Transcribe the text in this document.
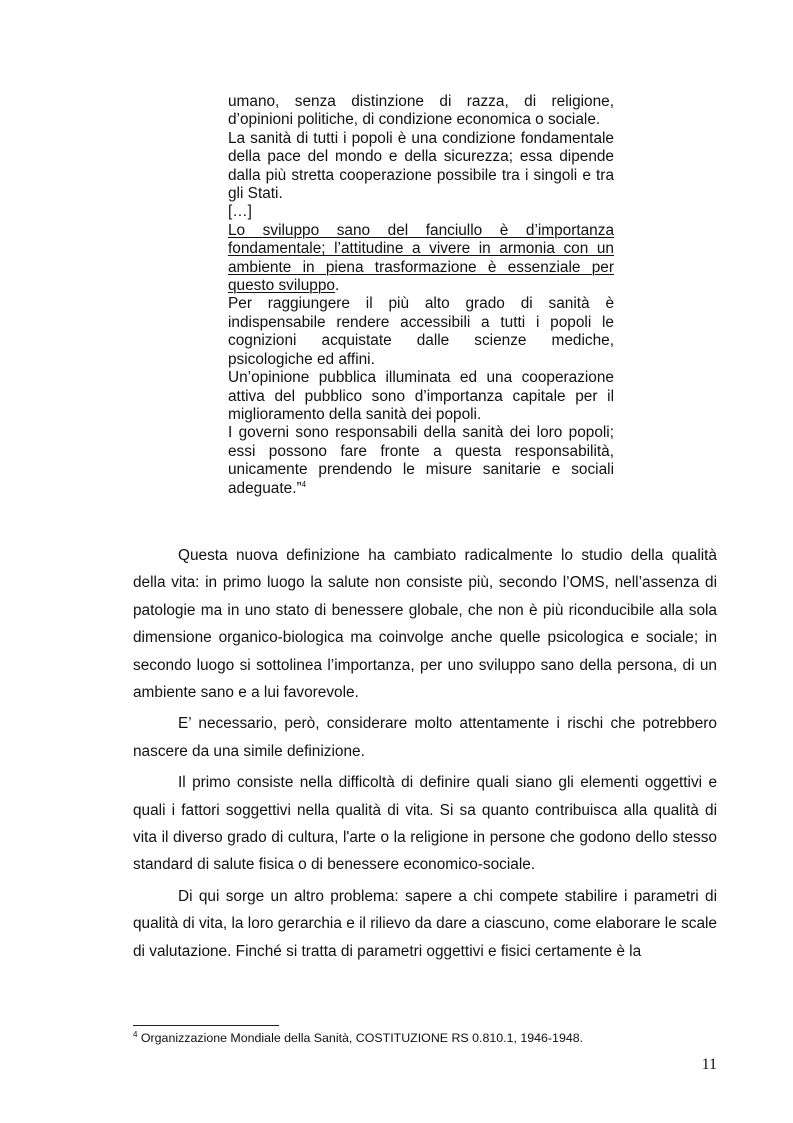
umano, senza distinzione di razza, di religione, d’opinioni politiche, di condizione economica o sociale.

La sanità di tutti i popoli è una condizione fondamentale della pace del mondo e della sicurezza; essa dipende dalla più stretta cooperazione possibile tra i singoli e tra gli Stati.

[…]

Lo sviluppo sano del fanciullo è d’importanza fondamentale; l’attitudine a vivere in armonia con un ambiente in piena trasformazione è essenziale per questo sviluppo.

Per raggiungere il più alto grado di sanità è indispensabile rendere accessibili a tutti i popoli le cognizioni acquistate dalle scienze mediche, psicologiche ed affini.

Un’opinione pubblica illuminata ed una cooperazione attiva del pubblico sono d’importanza capitale per il miglioramento della sanità dei popoli.

I governi sono responsabili della sanità dei loro popoli; essi possono fare fronte a questa responsabilità, unicamente prendendo le misure sanitarie e sociali adeguate.”$^4$

Questa nuova definizione ha cambiato radicalmente lo studio della qualità della vita: in primo luogo la salute non consiste più, secondo l’OMS, nell’assenza di patologie ma in uno stato di benessere globale, che non è più riconducibile alla sola dimensione organico-biologica ma coinvolge anche quelle psicologica e sociale; in secondo luogo si sottolinea l’importanza, per uno sviluppo sano della persona, di un ambiente sano e a lui favorevole.

E’ necessario, però, considerare molto attentamente i rischi che potrebbero nascere da una simile definizione.

Il primo consiste nella difficoltà di definire quali siano gli elementi oggettivi e quali i fattori soggettivi nella qualità di vita. Si sa quanto contribuisca alla qualità di vita il diverso grado di cultura, l'arte o la religione in persone che godono dello stesso standard di salute fisica o di benessere economico-sociale.

Di qui sorge un altro problema: sapere a chi compete stabilire i parametri di qualità di vita, la loro gerarchia e il rilievo da dare a ciascuno, come elaborare le scale di valutazione. Finché si tratta di parametri oggettivi e fisici certamente è la

$^4$ Organizzazione Mondiale della Sanità, COSTITUZIONE RS 0.810.1, 1946-1948.
11
